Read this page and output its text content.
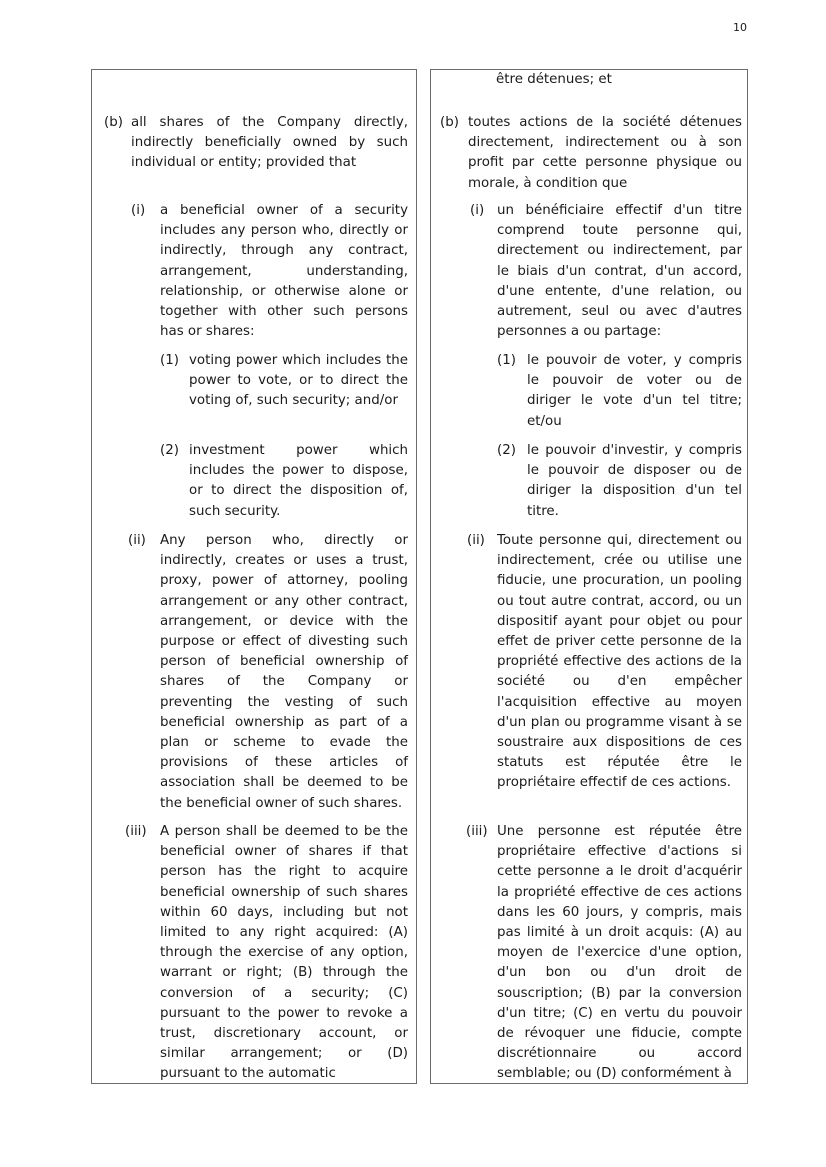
10
(b) all shares of the Company directly, indirectly beneficially owned by such individual or entity; provided that
(i) a beneficial owner of a security includes any person who, directly or indirectly, through any contract, arrangement, understanding, relationship, or otherwise alone or together with other such persons has or shares:
(1) voting power which includes the power to vote, or to direct the voting of, such security; and/or
(2) investment power which includes the power to dispose, or to direct the disposition of, such security.
(ii) Any person who, directly or indirectly, creates or uses a trust, proxy, power of attorney, pooling arrangement or any other contract, arrangement, or device with the purpose or effect of divesting such person of beneficial ownership of shares of the Company or preventing the vesting of such beneficial ownership as part of a plan or scheme to evade the provisions of these articles of association shall be deemed to be the beneficial owner of such shares.
(iii) A person shall be deemed to be the beneficial owner of shares if that person has the right to acquire beneficial ownership of such shares within 60 days, including but not limited to any right acquired: (A) through the exercise of any option, warrant or right; (B) through the conversion of a security; (C) pursuant to the power to revoke a trust, discretionary account, or similar arrangement; or (D) pursuant to the automatic
être détenues; et
(b) toutes actions de la société détenues directement, indirectement ou à son profit par cette personne physique ou morale, à condition que
(i) un bénéficiaire effectif d'un titre comprend toute personne qui, directement ou indirectement, par le biais d'un contrat, d'un accord, d'une entente, d'une relation, ou autrement, seul ou avec d'autres personnes a ou partage:
(1) le pouvoir de voter, y compris le pouvoir de voter ou de diriger le vote d'un tel titre; et/ou
(2) le pouvoir d'investir, y compris le pouvoir de disposer ou de diriger la disposition d'un tel titre.
(ii) Toute personne qui, directement ou indirectement, crée ou utilise une fiducie, une procuration, un pooling ou tout autre contrat, accord, ou un dispositif ayant pour objet ou pour effet de priver cette personne de la propriété effective des actions de la société ou d'en empêcher l'acquisition effective au moyen d'un plan ou programme visant à se soustraire aux dispositions de ces statuts est réputée être le propriétaire effectif de ces actions.
(iii) Une personne est réputée être propriétaire effective d'actions si cette personne a le droit d'acquérir la propriété effective de ces actions dans les 60 jours, y compris, mais pas limité à un droit acquis: (A) au moyen de l'exercice d'une option, d'un bon ou d'un droit de souscription; (B) par la conversion d'un titre; (C) en vertu du pouvoir de révoquer une fiducie, compte discrétionnaire ou accord semblable; ou (D) conformément à
